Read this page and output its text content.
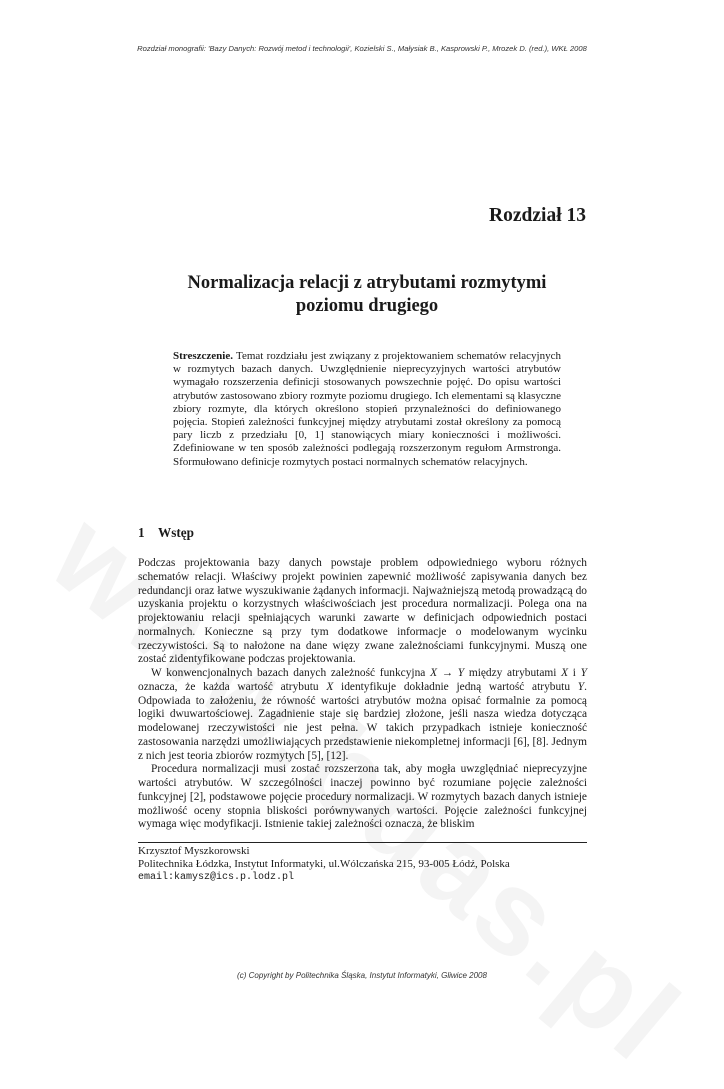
Rozdział monografii: 'Bazy Danych: Rozwój metod i technologii', Kozielski S., Małysiak B., Kasprowski P., Mrozek D. (red.), WKŁ 2008
Rozdział 13
Normalizacja relacji z atrybutami rozmytymi
poziomu drugiego
Streszczenie. Temat rozdziału jest związany z projektowaniem schematów relacyjnych w rozmytych bazach danych. Uwzględnienie nieprecyzyjnych wartości atrybutów wymagało rozszerzenia definicji stosowanych powszechnie pojęć. Do opisu wartości atrybutów zastosowano zbiory rozmyte poziomu drugiego. Ich elementami są klasyczne zbiory rozmyte, dla których określono stopień przynależności do definiowanego pojęcia. Stopień zależności funkcyjnej między atrybutami został określony za pomocą pary liczb z przedziału [0, 1] stanowiących miary konieczności i możliwości. Zdefiniowane w ten sposób zależności podlegają rozszerzonym regułom Armstronga. Sformułowano definicje rozmytych postaci normalnych schematów relacyjnych.
1 Wstęp

Podczas projektowania bazy danych powstaje problem odpowiedniego wyboru różnych schematów relacji. Właściwy projekt powinien zapewnić możliwość zapisywania danych bez redundancji oraz łatwe wyszukiwanie żądanych informacji. Najważniejszą metodą prowadzącą do uzyskania projektu o korzystnych właściwościach jest procedura normalizacji. Polega ona na projektowaniu relacji spełniających warunki zawarte w definicjach odpowiednich postaci normalnych. Konieczne są przy tym dodatkowe informacje o modelowanym wycinku rzeczywistości. Są to nałożone na dane więzy zwane zależnościami funkcyjnymi. Muszą one zostać zidentyfikowane podczas projektowania.

W konwencjonalnych bazach danych zależność funkcyjna X → Y między atrybutami X i Y oznacza, że każda wartość atrybutu X identyfikuje dokładnie jedną wartość atrybutu Y. Odpowiada to założeniu, że równość wartości atrybutów można opisać formalnie za pomocą logiki dwuwartościowej. Zagadnienie staje się bardziej złożone, jeśli nasza wiedza dotycząca modelowanej rzeczywistości nie jest pełna. W takich przypadkach istnieje konieczność zastosowania narzędzi umożliwiających przedstawienie niekompletnej informacji [6], [8]. Jednym z nich jest teoria zbiorów rozmytych [5], [12].

Procedura normalizacji musi zostać rozszerzona tak, aby mogła uwzględniać nieprecyzyjne wartości atrybutów. W szczególności inaczej powinno być rozumiane pojęcie zależności funkcyjnej [2], podstawowe pojęcie procedury normalizacji. W rozmytych bazach danych istnieje możliwość oceny stopnia bliskości porównywanych wartości. Pojęcie zależności funkcyjnej wymaga więc modyfikacji. Istnienie takiej zależności oznacza, że bliskim

Krzysztof Myszkorowski
Politechnika Łódzka, Instytut Informatyki, ul.Wólczańska 215, 93-005 Łódź, Polska
email:kamysz@ics.p.lodz.pl
(c) Copyright by Politechnika Śląska, Instytut Informatyki, Gliwice 2008
